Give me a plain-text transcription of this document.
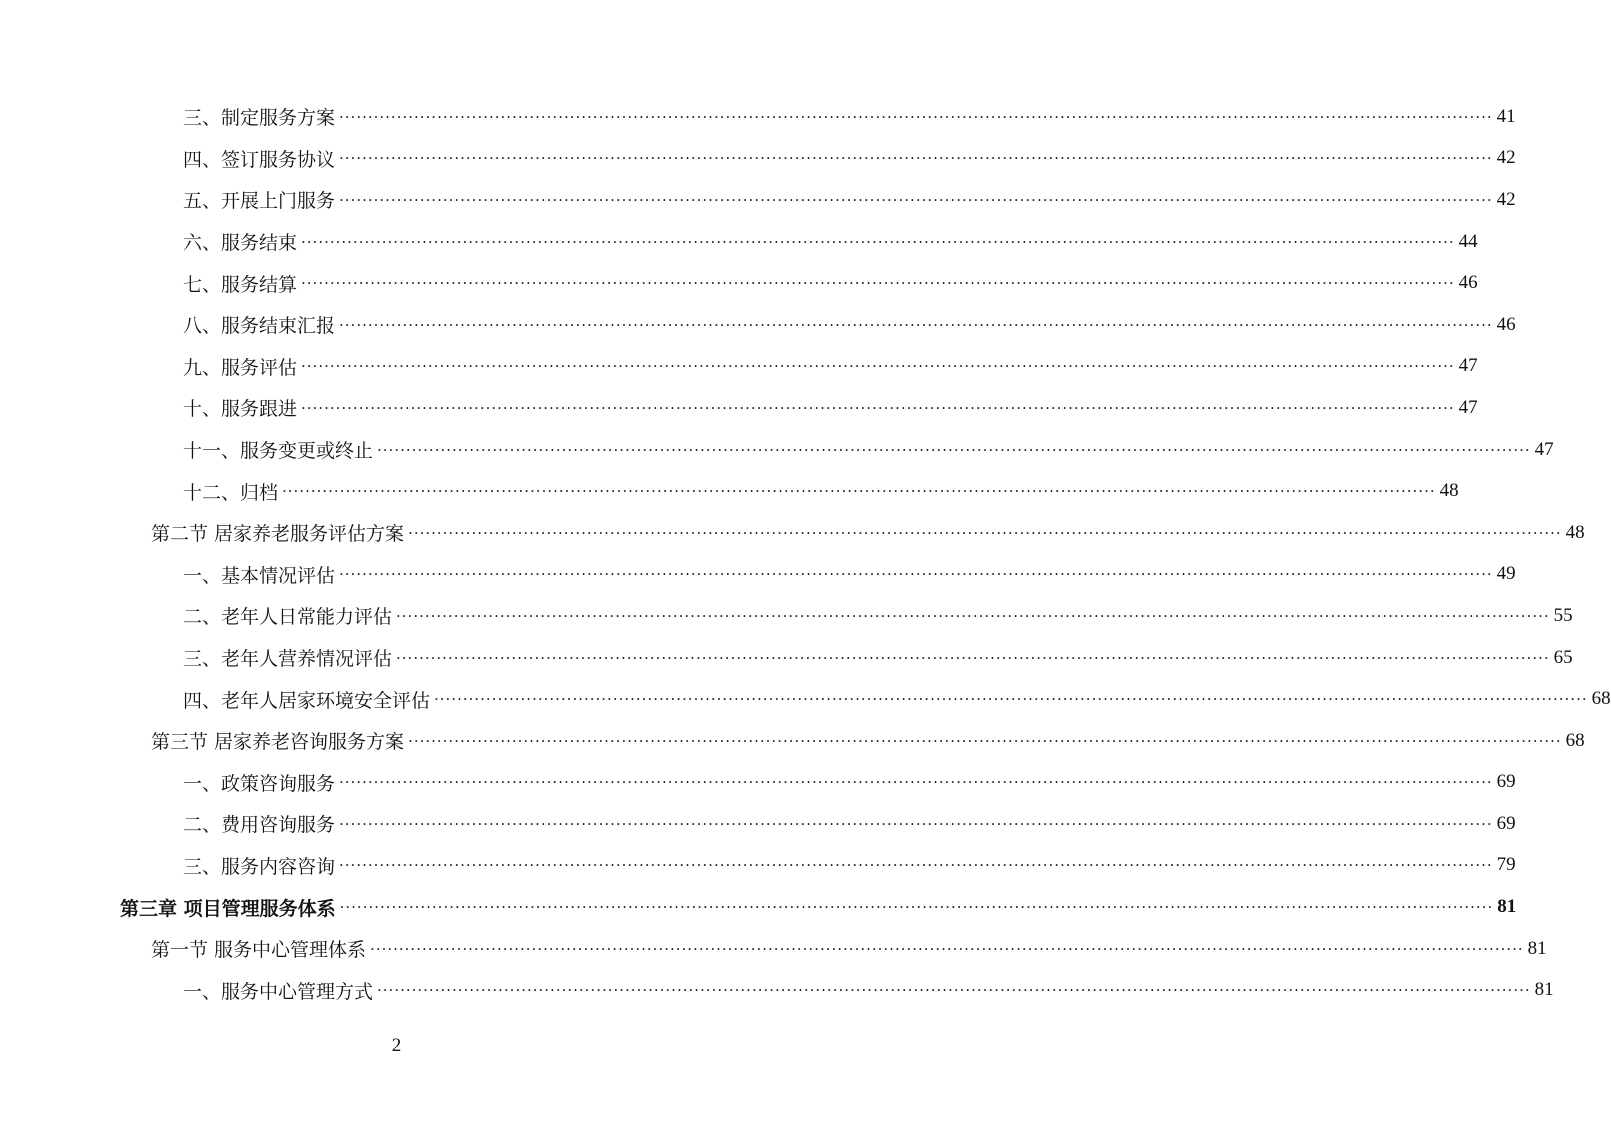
三、制定服务方案 ········································································································································································································ 41
四、签订服务协议 ········································································································································································································ 42
五、开展上门服务 ········································································································································································································ 42
六、服务结束 ········································································································································································································ 44
七、服务结算 ········································································································································································································ 46
八、服务结束汇报 ········································································································································································································ 46
九、服务评估 ········································································································································································································ 47
十、服务跟进 ········································································································································································································ 47
十一、服务变更或终止 ········································································································································································································ 47
十二、归档 ········································································································································································································ 48
第二节 居家养老服务评估方案 ········································································································································································································ 48
一、基本情况评估 ········································································································································································································ 49
二、老年人日常能力评估 ········································································································································································································ 55
三、老年人营养情况评估 ········································································································································································································ 65
四、老年人居家环境安全评估 ········································································································································································································ 68
第三节 居家养老咨询服务方案 ········································································································································································································ 68
一、政策咨询服务 ········································································································································································································ 69
二、费用咨询服务 ········································································································································································································ 69
三、服务内容咨询 ········································································································································································································ 79
第三章 项目管理服务体系 ········································································································································································································ 81
第一节 服务中心管理体系 ········································································································································································································ 81
一、服务中心管理方式 ········································································································································································································ 81
2
